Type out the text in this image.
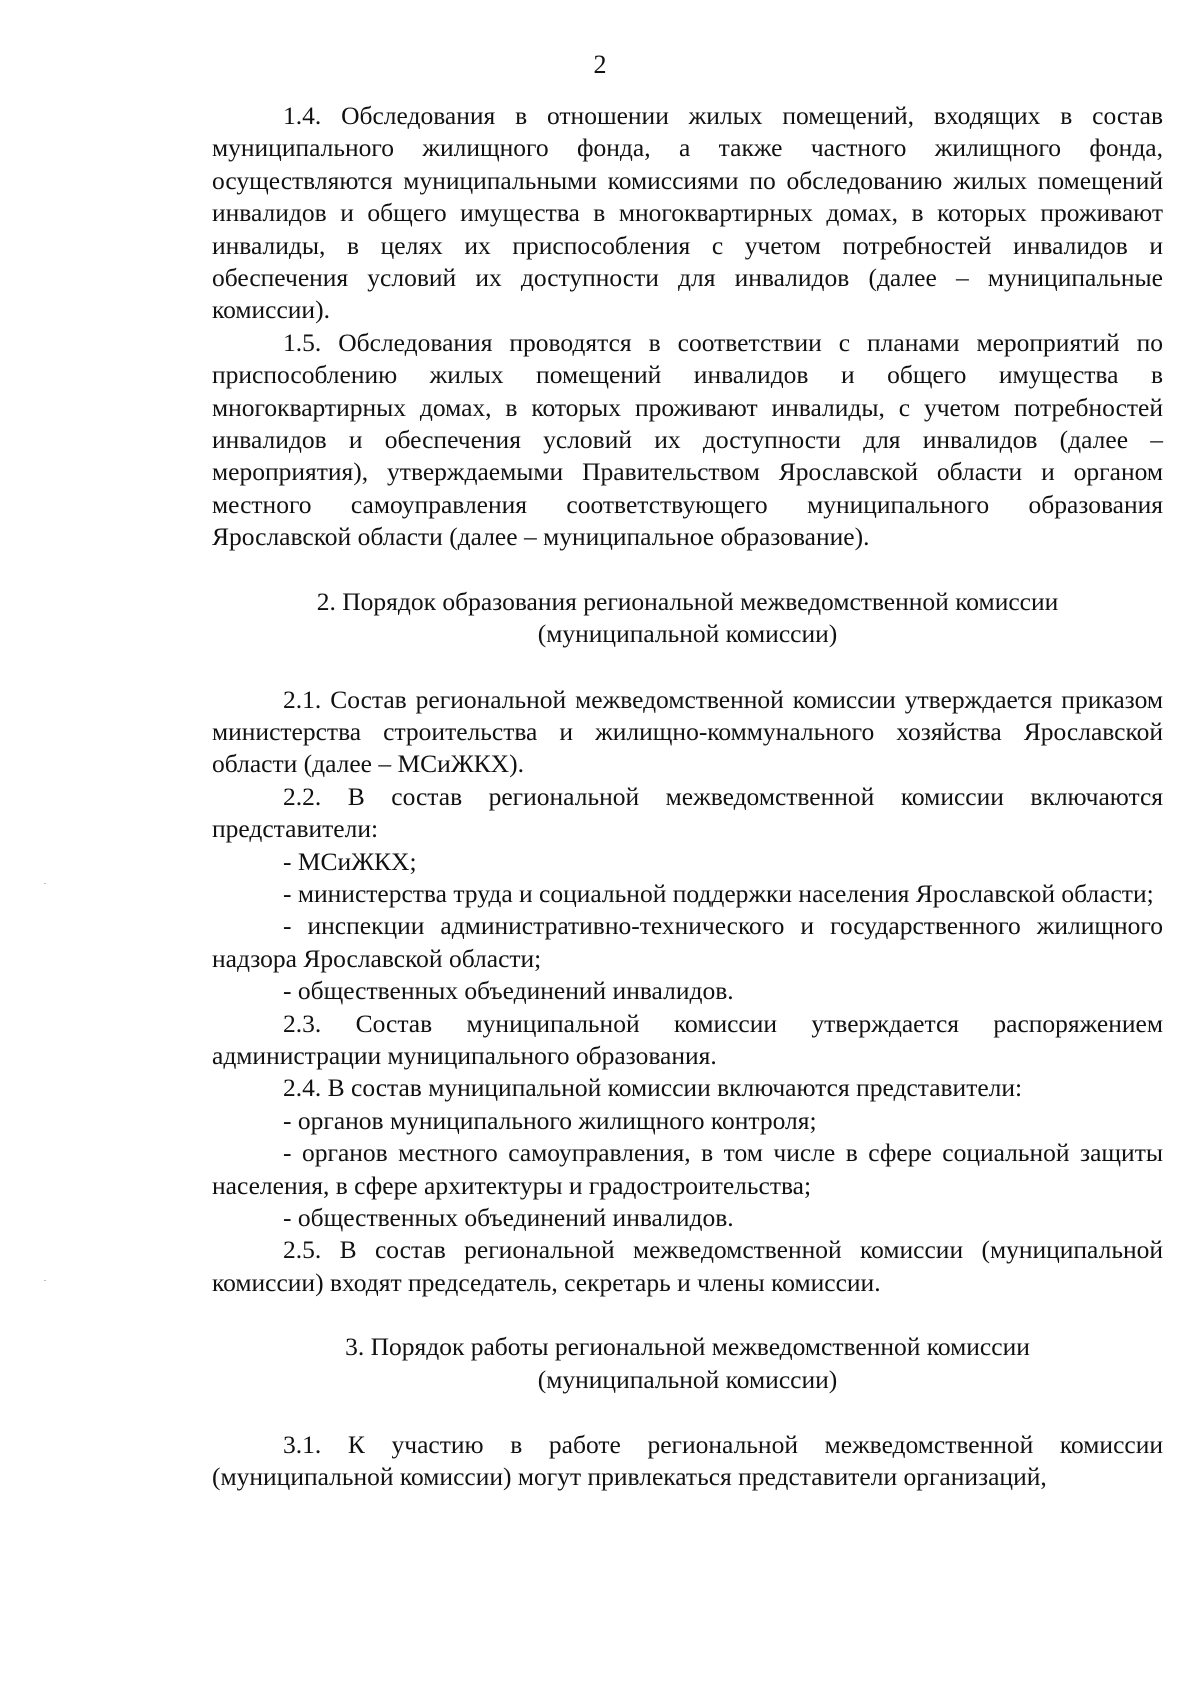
2

1.4. Обследования в отношении жилых помещений, входящих в состав муниципального жилищного фонда, а также частного жилищного фонда, осуществляются муниципальными комиссиями по обследованию жилых помещений инвалидов и общего имущества в многоквартирных домах, в которых проживают инвалиды, в целях их приспособления с учетом потребностей инвалидов и обеспечения условий их доступности для инвалидов (далее – муниципальные комиссии).

1.5. Обследования проводятся в соответствии с планами мероприятий по приспособлению жилых помещений инвалидов и общего имущества в многоквартирных домах, в которых проживают инвалиды, с учетом потребностей инвалидов и обеспечения условий их доступности для инвалидов (далее – мероприятия), утверждаемыми Правительством Ярославской области и органом местного самоуправления соответствующего муниципального образования Ярославской области (далее – муниципальное образование).

2. Порядок образования региональной межведомственной комиссии
(муниципальной комиссии)

2.1. Состав региональной межведомственной комиссии утверждается приказом министерства строительства и жилищно-коммунального хозяйства Ярославской области (далее – МСиЖКХ).

2.2. В состав региональной межведомственной комиссии включаются представители:

- МСиЖКХ;

- министерства труда и социальной поддержки населения Ярославской области;

- инспекции административно-технического и государственного жилищного надзора Ярославской области;

- общественных объединений инвалидов.

2.3. Состав муниципальной комиссии утверждается распоряжением администрации муниципального образования.

2.4. В состав муниципальной комиссии включаются представители:

- органов муниципального жилищного контроля;

- органов местного самоуправления, в том числе в сфере социальной защиты населения, в сфере архитектуры и градостроительства;

- общественных объединений инвалидов.

2.5. В состав региональной межведомственной комиссии (муниципальной комиссии) входят председатель, секретарь и члены комиссии.

3. Порядок работы региональной межведомственной комиссии
(муниципальной комиссии)

3.1. К участию в работе региональной межведомственной комиссии (муниципальной комиссии) могут привлекаться представители организаций,
